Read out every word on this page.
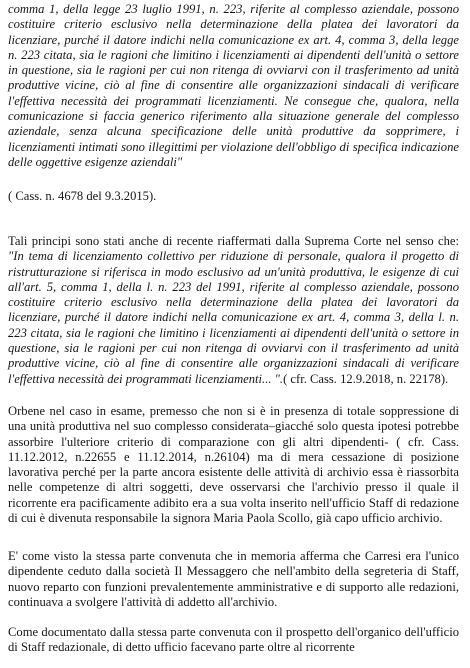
comma 1, della legge 23 luglio 1991, n. 223, riferite al complesso aziendale, possono costituire criterio esclusivo nella determinazione della platea dei lavoratori da licenziare, purché il datore indichi nella comunicazione ex art. 4, comma 3, della legge n. 223 citata, sia le ragioni che limitino i licenziamenti ai dipendenti dell'unità o settore in questione, sia le ragioni per cui non ritenga di ovviarvi con il trasferimento ad unità produttive vicine, ciò al fine di consentire alle organizzazioni sindacali di verificare l'effettiva necessità dei programmati licenziamenti. Ne consegue che, qualora, nella comunicazione si faccia generico riferimento alla situazione generale del complesso aziendale, senza alcuna specificazione delle unità produttive da sopprimere, i licenziamenti intimati sono illegittimi per violazione dell'obbligo di specifica indicazione delle oggettive esigenze aziendali"

( Cass. n. 4678 del 9.3.2015).

Tali principi sono stati anche di recente riaffermati dalla Suprema Corte nel senso che: "In tema di licenziamento collettivo per riduzione di personale, qualora il progetto di ristrutturazione si riferisca in modo esclusivo ad un'unità produttiva, le esigenze di cui all'art. 5, comma 1, della l. n. 223 del 1991, riferite al complesso aziendale, possono costituire criterio esclusivo nella determinazione della platea dei lavoratori da licenziare, purché il datore indichi nella comunicazione ex art. 4, comma 3, della l. n. 223 citata, sia le ragioni che limitino i licenziamenti ai dipendenti dell'unità o settore in questione, sia le ragioni per cui non ritenga di ovviarvi con il trasferimento ad unità produttive vicine, ciò al fine di consentire alle organizzazioni sindacali di verificare l'effettiva necessità dei programmati licenziamenti... ".( cfr. Cass. 12.9.2018, n. 22178).

Orbene nel caso in esame, premesso che non si è in presenza di totale soppressione di una unità produttiva nel suo complesso considerata–giacché solo questa ipotesi potrebbe assorbire l'ulteriore criterio di comparazione con gli altri dipendenti- ( cfr. Cass. 11.12.2012, n.22655 e 11.12.2014, n.26104) ma di mera cessazione di posizione lavorativa perché per la parte ancora esistente delle attività di archivio essa è riassorbita nelle competenze di altri soggetti, deve osservarsi che l'archivio presso il quale il ricorrente era pacificamente adibito era a sua volta inserito nell'ufficio Staff di redazione di cui è divenuta responsabile la signora Maria Paola Scollo, già capo ufficio archivio.

E' come visto la stessa parte convenuta che in memoria afferma che Carresi era l'unico dipendente ceduto dalla società Il Messaggero che nell'ambito della segreteria di Staff, nuovo reparto con funzioni prevalentemente amministrative e di supporto alle redazioni, continuava a svolgere l'attività di addetto all'archivio.

Come documentato dalla stessa parte convenuta con il prospetto dell'organico dell'ufficio di Staff redazionale, di detto ufficio facevano parte oltre al ricorrente
